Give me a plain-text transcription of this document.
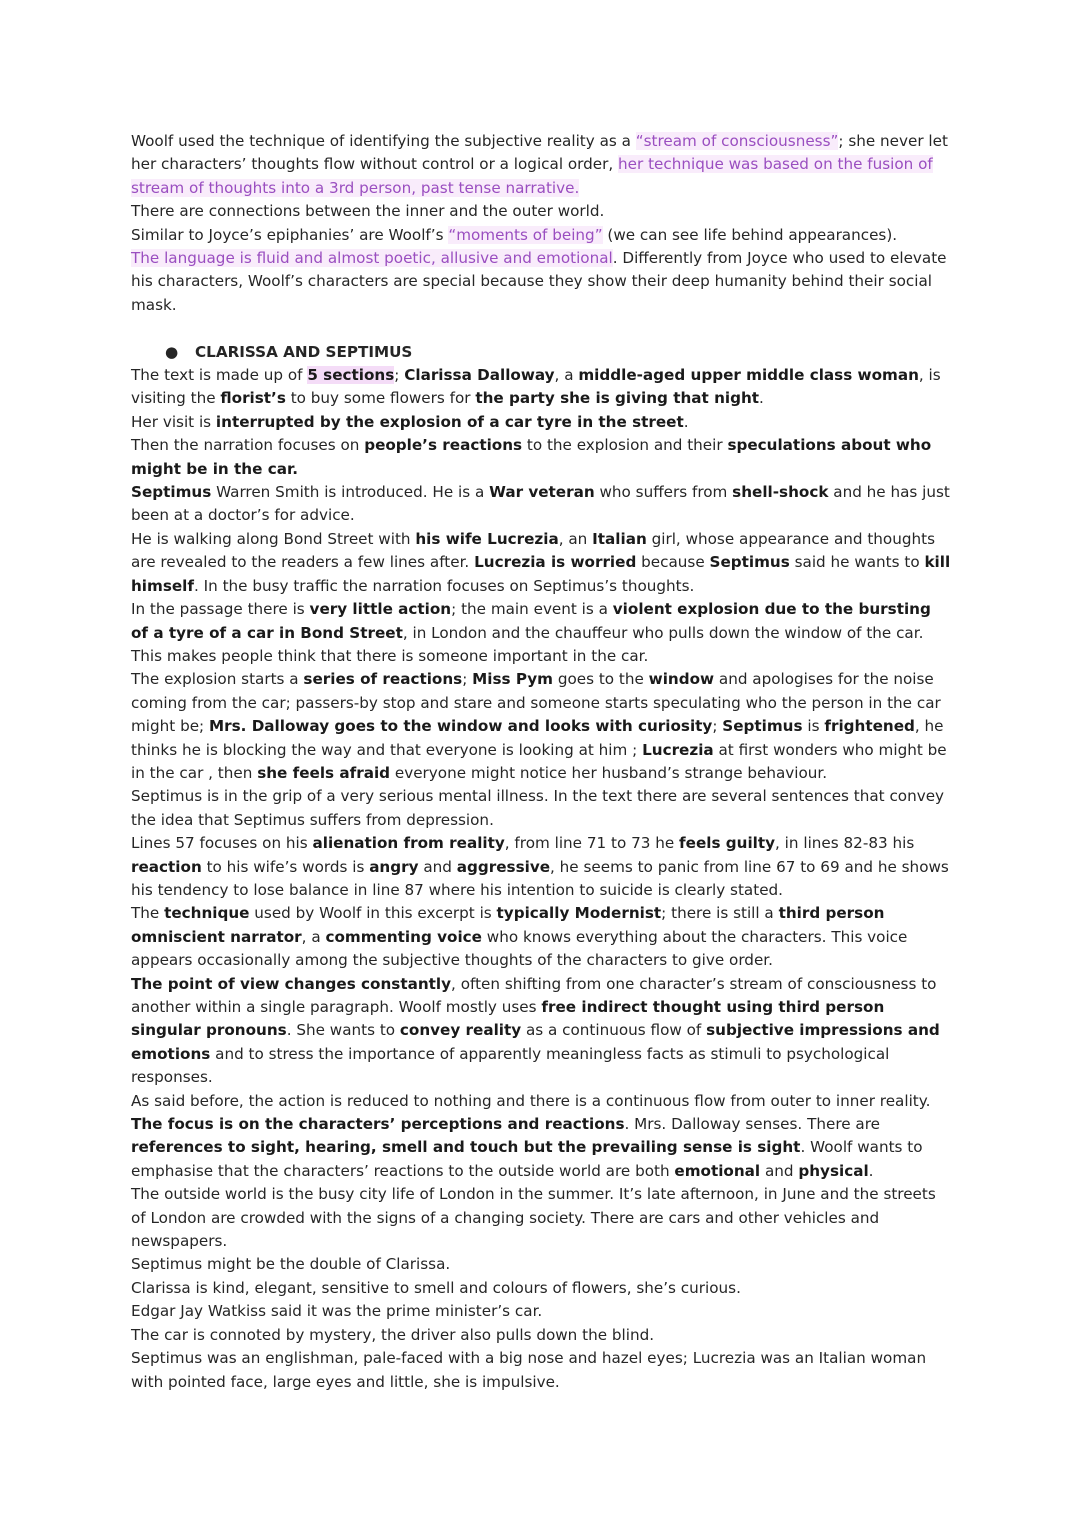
Woolf used the technique of identifying the subjective reality as a “stream of consciousness”; she never let her characters’ thoughts flow without control or a logical order, her technique was based on the fusion of stream of thoughts into a 3rd person, past tense narrative.

There are connections between the inner and the outer world.

Similar to Joyce’s epiphanies’ are Woolf’s “moments of being” (we can see life behind appearances).

The language is fluid and almost poetic, allusive and emotional. Differently from Joyce who used to elevate his characters, Woolf’s characters are special because they show their deep humanity behind their social mask.

●	CLARISSA AND SEPTIMUS

The text is made up of 5 sections; Clarissa Dalloway, a middle-aged upper middle class woman, is visiting the florist’s to buy some flowers for the party she is giving that night.

Her visit is interrupted by the explosion of a car tyre in the street.

Then the narration focuses on people’s reactions to the explosion and their speculations about who might be in the car.

Septimus Warren Smith is introduced. He is a War veteran who suffers from shell-shock and he has just been at a doctor’s for advice.

He is walking along Bond Street with his wife Lucrezia, an Italian girl, whose appearance and thoughts are revealed to the readers a few lines after. Lucrezia is worried because Septimus said he wants to kill himself. In the busy traffic the narration focuses on Septimus’s thoughts.

In the passage there is very little action; the main event is a violent explosion due to the bursting of a tyre of a car in Bond Street, in London and the chauffeur who pulls down the window of the car. This makes people think that there is someone important in the car.

The explosion starts a series of reactions; Miss Pym goes to the window and apologises for the noise coming from the car; passers-by stop and stare and someone starts speculating who the person in the car might be; Mrs. Dalloway goes to the window and looks with curiosity; Septimus is frightened, he thinks he is blocking the way and that everyone is looking at him ; Lucrezia at first wonders who might be in the car , then she feels afraid everyone might notice her husband’s strange behaviour.

Septimus is in the grip of a very serious mental illness. In the text there are several sentences that convey the idea that Septimus suffers from depression.

Lines 57 focuses on his alienation from reality, from line 71 to 73 he feels guilty, in lines 82-83 his reaction to his wife’s words is angry and aggressive, he seems to panic from line 67 to 69 and he shows his tendency to lose balance in line 87 where his intention to suicide is clearly stated.

The technique used by Woolf in this excerpt is typically Modernist; there is still a third person omniscient narrator, a commenting voice who knows everything about the characters. This voice appears occasionally among the subjective thoughts of the characters to give order.

The point of view changes constantly, often shifting from one character’s stream of consciousness to another within a single paragraph. Woolf mostly uses free indirect thought using third person singular pronouns. She wants to convey reality as a continuous flow of subjective impressions and emotions and to stress the importance of apparently meaningless facts as stimuli to psychological responses.

As said before, the action is reduced to nothing and there is a continuous flow from outer to inner reality.

The focus is on the characters’ perceptions and reactions. Mrs. Dalloway senses. There are references to sight, hearing, smell and touch but the prevailing sense is sight. Woolf wants to emphasise that the characters’ reactions to the outside world are both emotional and physical.

The outside world is the busy city life of London in the summer. It’s late afternoon, in June and the streets of London are crowded with the signs of a changing society. There are cars and other vehicles and newspapers.

Septimus might be the double of Clarissa.

Clarissa is kind, elegant, sensitive to smell and colours of flowers, she’s curious.

Edgar Jay Watkiss said it was the prime minister’s car.

The car is connoted by mystery, the driver also pulls down the blind.

Septimus was an englishman, pale-faced with a big nose and hazel eyes; Lucrezia was an Italian woman with pointed face, large eyes and little, she is impulsive.
